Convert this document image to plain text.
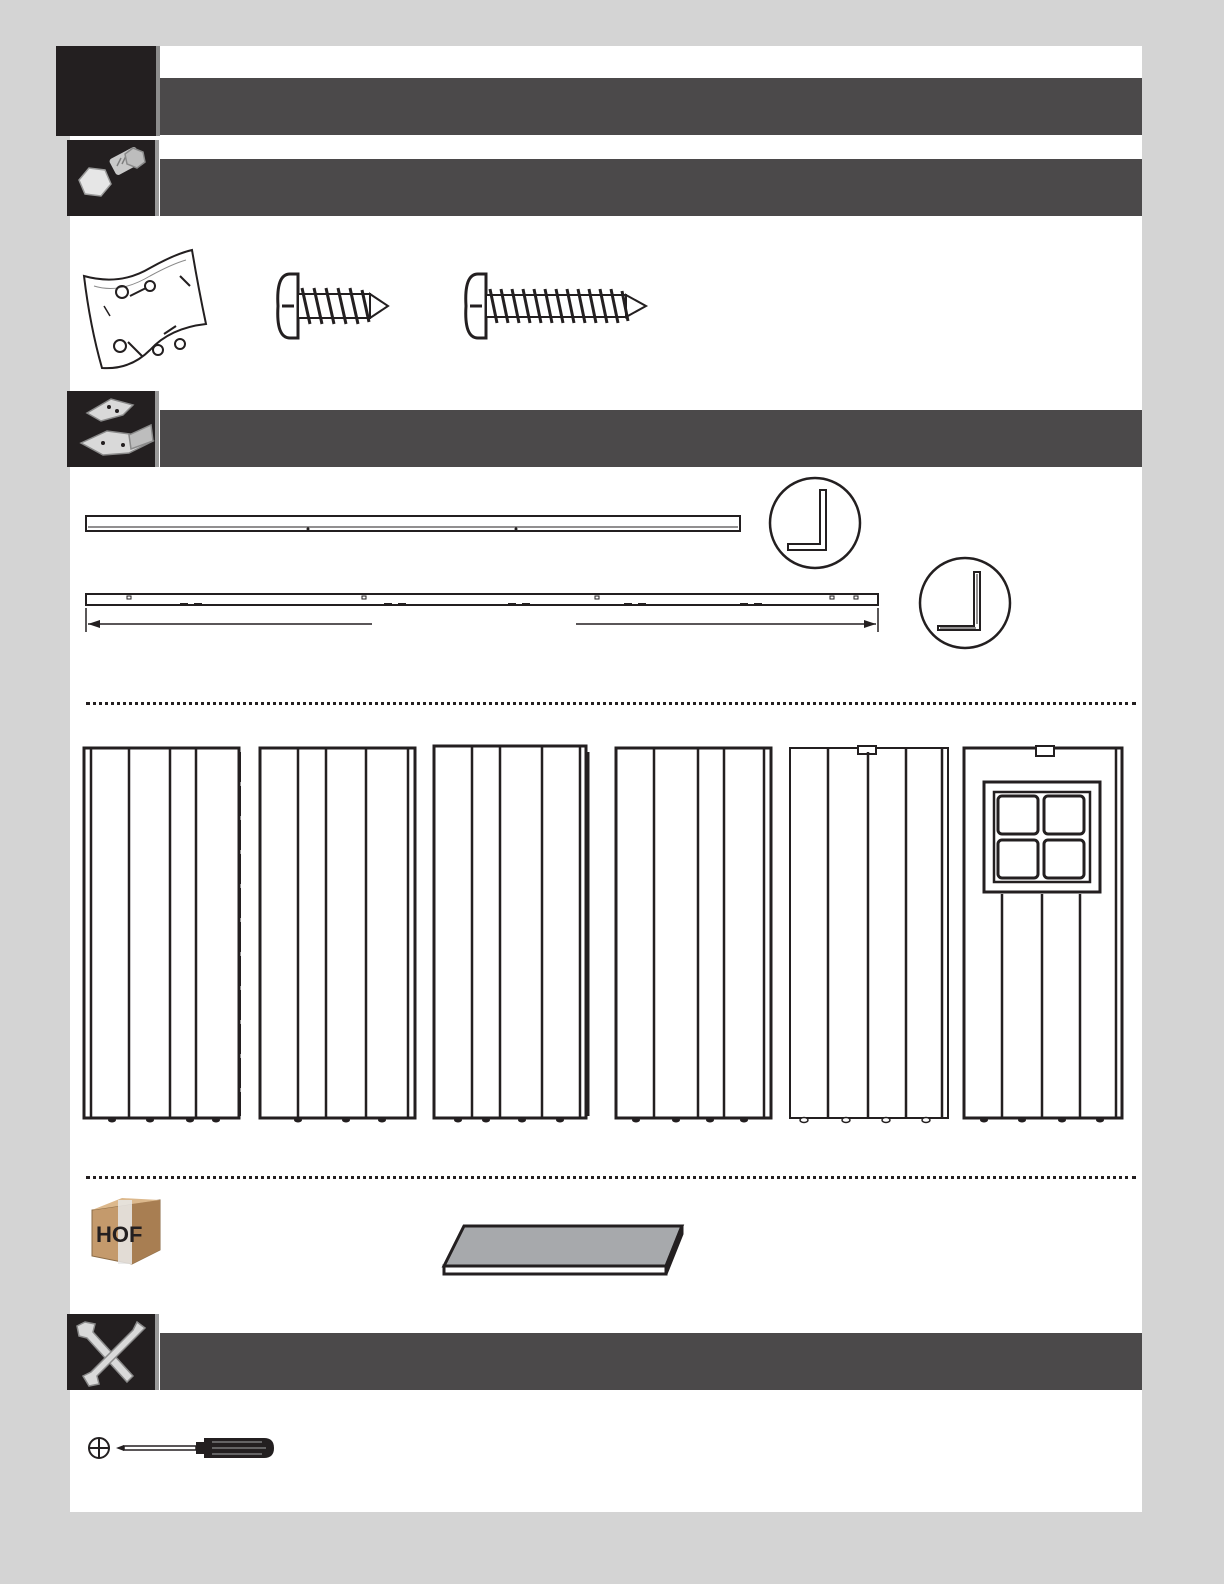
HOF
